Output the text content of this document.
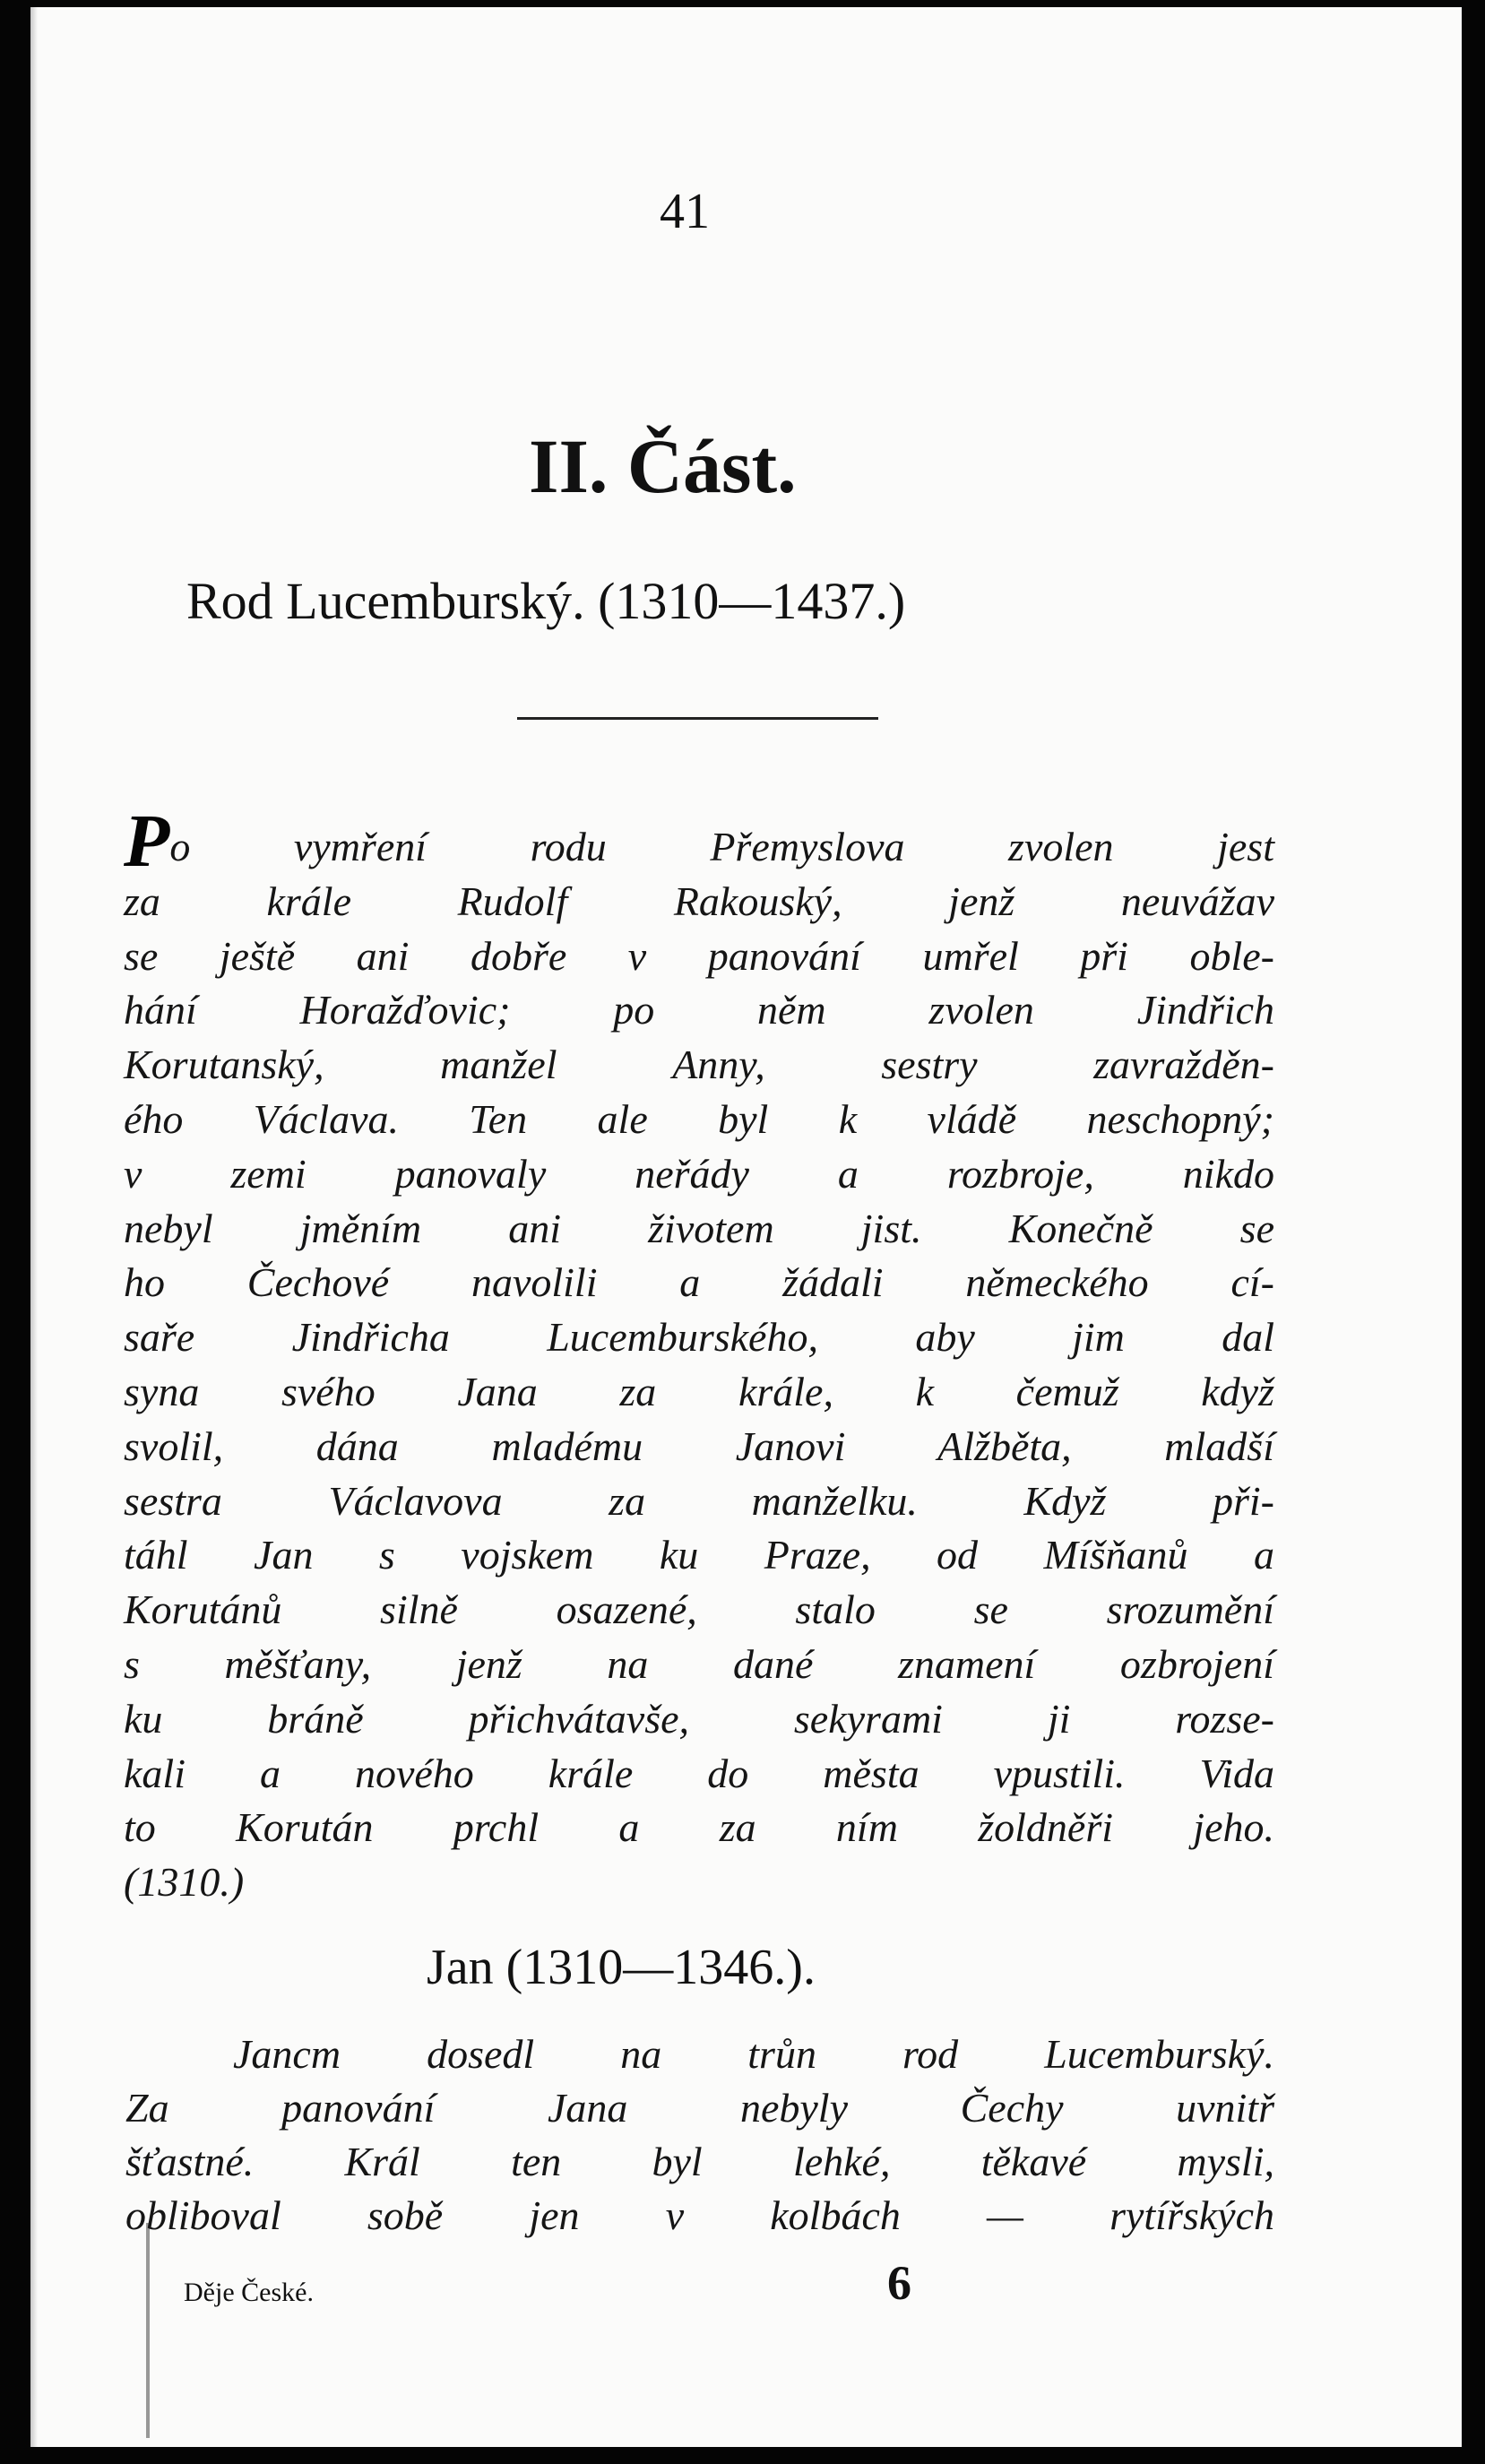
41
II. Část.
Rod Lucemburský. (1310—1437.)
Po vymření rodu Přemyslova zvolen jest
za krále Rudolf Rakouský, jenž neuvážav
se ještě ani dobře v panování umřel při oble-
hání Horažďovic; po něm zvolen Jindřich
Korutanský, manžel Anny, sestry zavražděn-
ého Václava. Ten ale byl k vládě neschopný;
v zemi panovaly neřády a rozbroje, nikdo
nebyl jměním ani životem jist. Konečně se
ho Čechové navolili a žádali německého cí-
saře Jindřicha Lucemburského, aby jim dal
syna svého Jana za krále, k čemuž když
svolil, dána mladému Janovi Alžběta, mladší
sestra Václavova za manželku. Když při-
táhl Jan s vojskem ku Praze, od Míšňanů a
Korutánů silně osazené, stalo se srozumění
s měšťany, jenž na dané znamení ozbrojení
ku bráně přichvátavše, sekyrami ji rozse-
kali a nového krále do města vpustili. Vida
to Korután prchl a za ním žoldněři jeho.
(1310.)
Jan (1310—1346.).
Jancm dosedl na trůn rod Lucemburský.
Za panování Jana nebyly Čechy uvnitř
šťastné. Král ten byl lehké, těkavé mysli,
obliboval sobě jen v kolbách — rytířských
Děje České.	6
